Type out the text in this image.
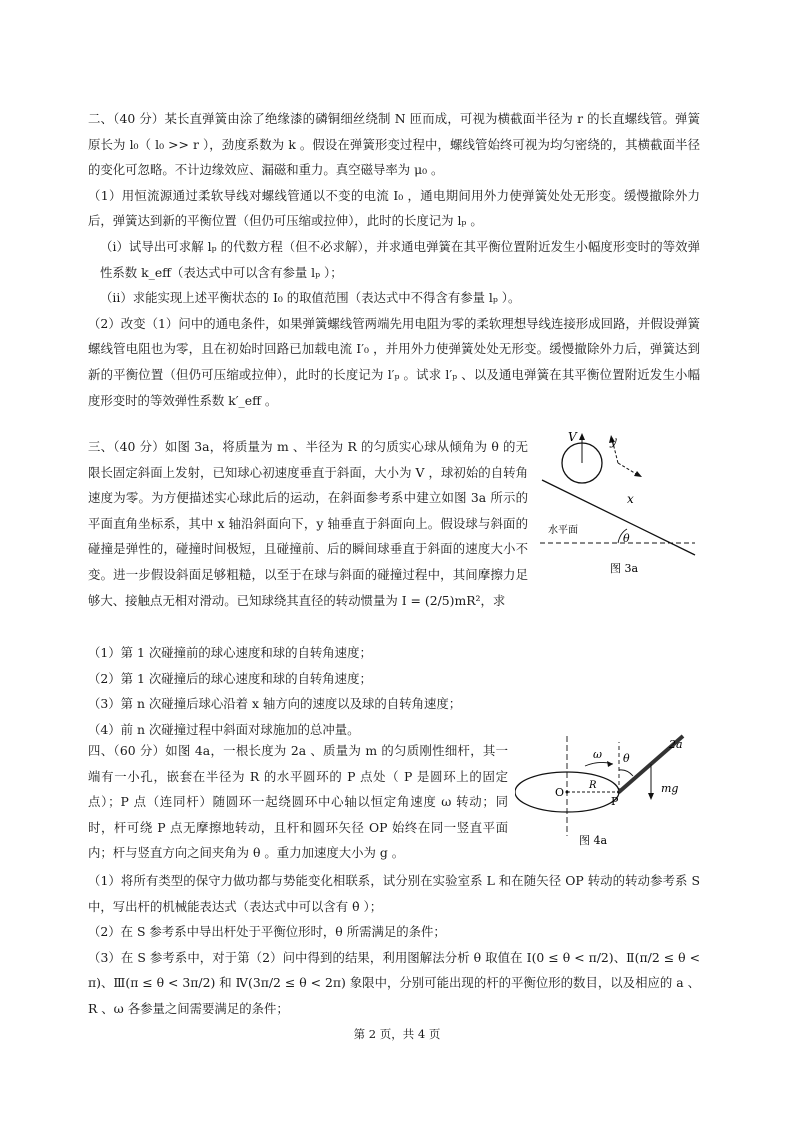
二、（40 分）某长直弹簧由涂了绝缘漆的磷铜细丝绕制 N 匝而成，可视为横截面半径为 r 的长直螺线管。弹簧原长为 l₀（ l₀ >> r ），劲度系数为 k 。假设在弹簧形变过程中，螺线管始终可视为均匀密绕的，其横截面半径的变化可忽略。不计边缘效应、漏磁和重力。真空磁导率为 μ₀ 。

（1）用恒流源通过柔软导线对螺线管通以不变的电流 I₀ ，通电期间用外力使弹簧处处无形变。缓慢撤除外力后，弹簧达到新的平衡位置（但仍可压缩或拉伸），此时的长度记为 lₚ 。

（i）试导出可求解 lₚ 的代数方程（但不必求解），并求通电弹簧在其平衡位置附近发生小幅度形变时的等效弹性系数 k_eff（表达式中可以含有参量 lₚ ）；

（ii）求能实现上述平衡状态的 I₀ 的取值范围（表达式中不得含有参量 lₚ ）。

（2）改变（1）问中的通电条件，如果弹簧螺线管两端先用电阻为零的柔软理想导线连接形成回路，并假设弹簧螺线管电阻也为零，且在初始时回路已加载电流 I′₀ ，并用外力使弹簧处处无形变。缓慢撤除外力后，弹簧达到新的平衡位置（但仍可压缩或拉伸），此时的长度记为 l′ₚ 。试求 l′ₚ 、以及通电弹簧在其平衡位置附近发生小幅度形变时的等效弹性系数 k′_eff 。

三、（40 分）如图 3a，将质量为 m 、半径为 R 的匀质实心球从倾角为 θ 的无限长固定斜面上发射，已知球心初速度垂直于斜面，大小为 V ，球初始的自转角速度为零。为方便描述实心球此后的运动，在斜面参考系中建立如图 3a 所示的平面直角坐标系，其中 x 轴沿斜面向下，y 轴垂直于斜面向上。假设球与斜面的碰撞是弹性的，碰撞时间极短，且碰撞前、后的瞬间球垂直于斜面的速度大小不变。进一步假设斜面足够粗糙，以至于在球与斜面的碰撞过程中，其间摩擦力足够大、接触点无相对滑动。已知球绕其直径的转动惯量为 I = (2/5)mR²，求

（1）第 1 次碰撞前的球心速度和球的自转角速度；

（2）第 1 次碰撞后的球心速度和球的自转角速度；

（3）第 n 次碰撞后球心沿着 x 轴方向的速度以及球的自转角速度；

（4）前 n 次碰撞过程中斜面对球施加的总冲量。

V	y
x
水平面
θ
图 3a

四、（60 分）如图 4a，一根长度为 2a 、质量为 m 的匀质刚性细杆，其一端有一小孔，嵌套在半径为 R 的水平圆环的 P 点处（ P 是圆环上的固定点）；P 点（连同杆）随圆环一起绕圆环中心轴以恒定角速度 ω 转动；同时，杆可绕 P 点无摩擦地转动，且杆和圆环矢径 OP 始终在同一竖直平面内；杆与竖直方向之间夹角为 θ 。重力加速度大小为 g 。

（1）将所有类型的保守力做功都与势能变化相联系，试分别在实验室系 L 和在随矢径 OP 转动的转动参考系 S 中，写出杆的机械能表达式（表达式中可以含有 θ̇ ）；

（2）在 S 参考系中导出杆处于平衡位形时，θ 所需满足的条件；

（3）在 S 参考系中，对于第（2）问中得到的结果，利用图解法分析 θ 取值在 Ⅰ(0 ≤ θ < π/2)、Ⅱ(π/2 ≤ θ < π)、Ⅲ(π ≤ θ < 3π/2) 和 Ⅳ(3π/2 ≤ θ < 2π) 象限中，分别可能出现的杆的平衡位形的数目，以及相应的 a 、R 、ω 各参量之间需要满足的条件；

O
R
P
2a
θ
ω
mg
图 4a
第 2 页，共 4 页
